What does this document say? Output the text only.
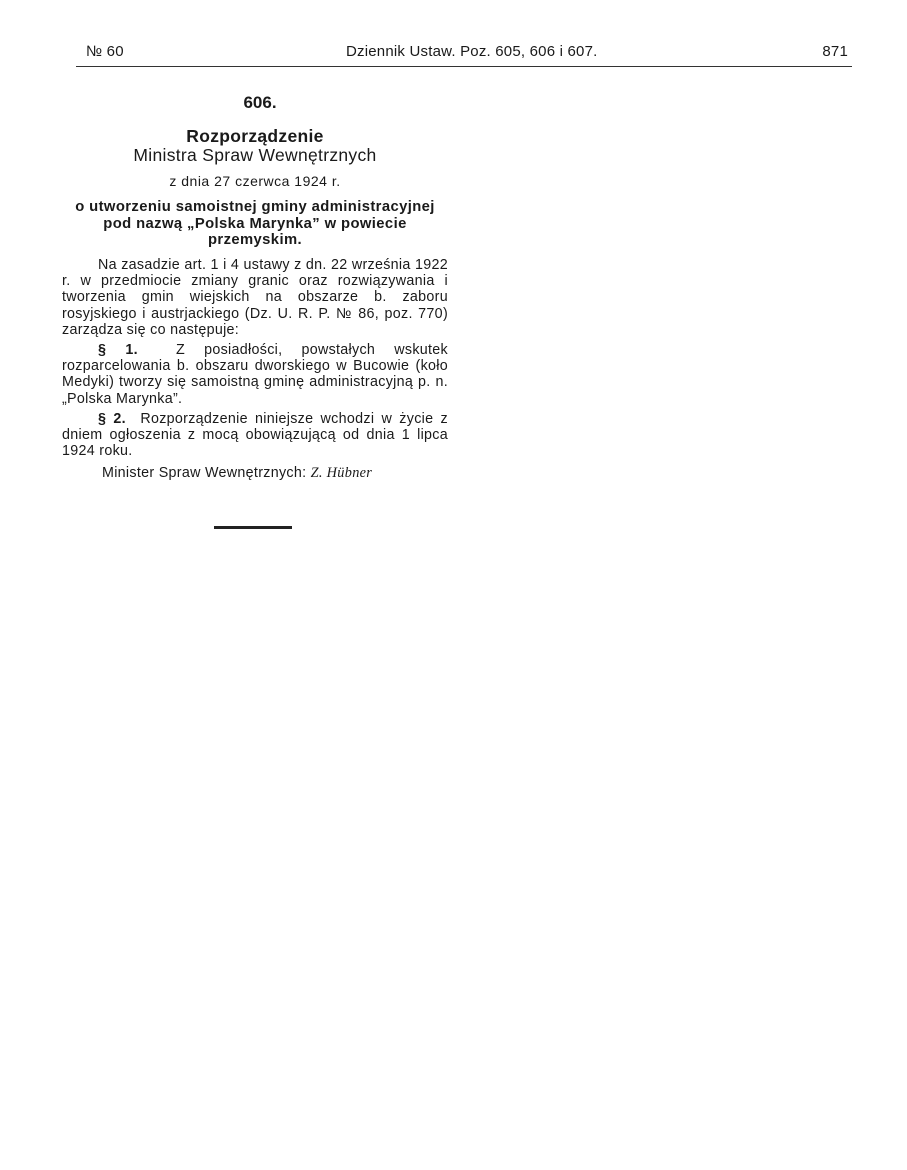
№ 60	Dziennik Ustaw. Poz. 605, 606 i 607.	871
606.
Rozporządzenie
Ministra Spraw Wewnętrznych
z dnia 27 czerwca 1924 r.
o utworzeniu samoistnej gminy administracyjnej pod nazwą „Polska Marynka” w powiecie przemyskim.
Na zasadzie art. 1 i 4 ustawy z dn. 22 września 1922 r. w przedmiocie zmiany granic oraz rozwiązywania i tworzenia gmin wiejskich na obszarze b. zaboru rosyjskiego i austrjackiego (Dz. U. R. P. № 86, poz. 770) zarządza się co następuje:
§ 1.	Z posiadłości, powstałych wskutek rozparcelowania b. obszaru dworskiego w Bucowie (koło Medyki) tworzy się samoistną gminę administracyjną p. n. „Polska Marynka”.
§ 2. Rozporządzenie niniejsze wchodzi w życie z dniem ogłoszenia z mocą obowiązującą od dnia 1 lipca 1924 roku.
Minister Spraw Wewnętrznych: Z. Hübner
